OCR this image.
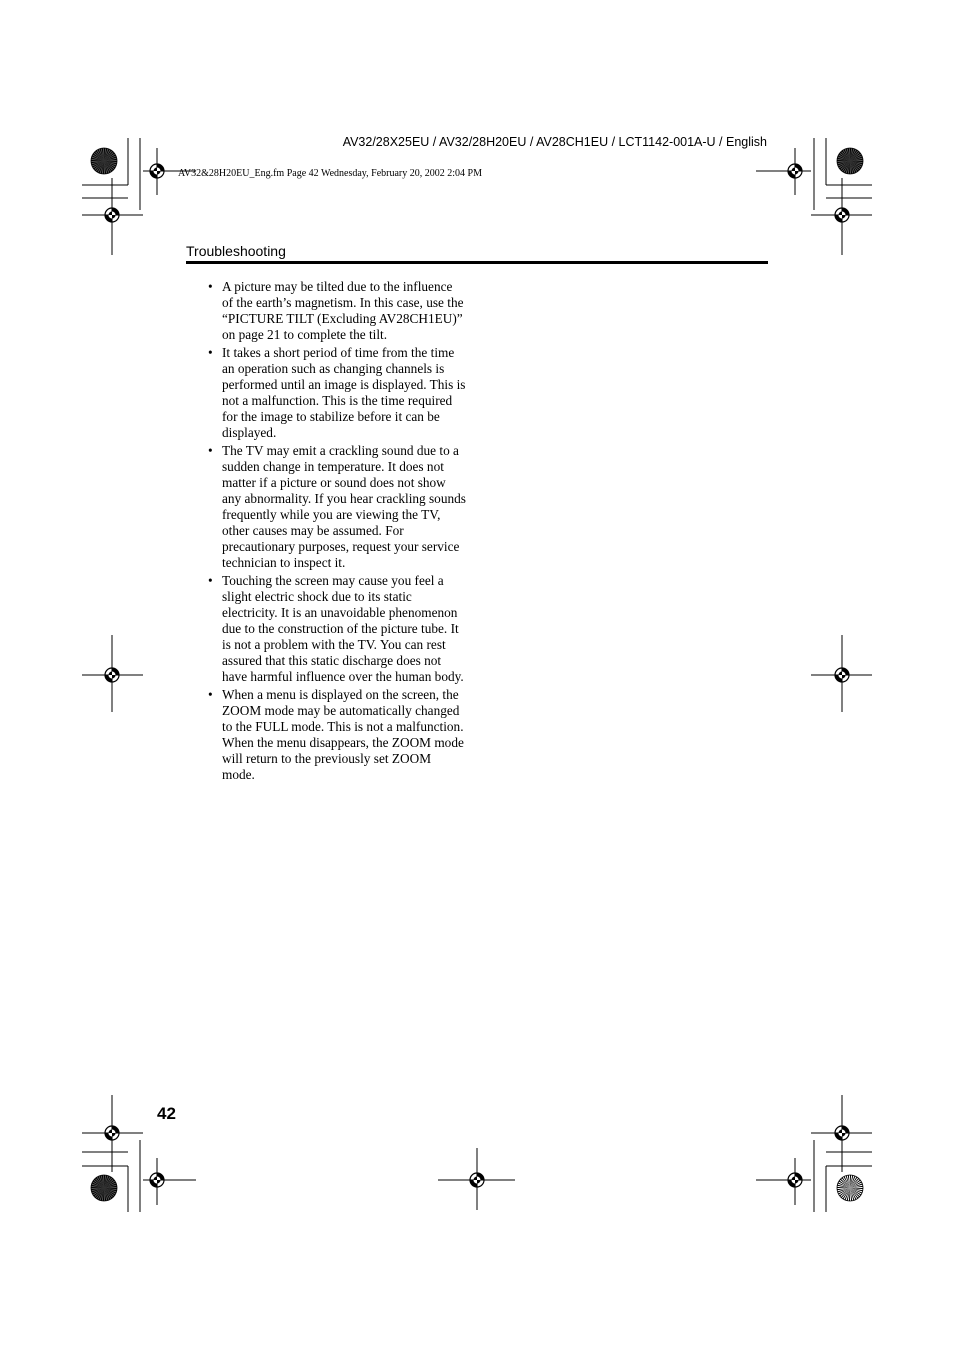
AV32/28X25EU / AV32/28H20EU / AV28CH1EU / LCT1142-001A-U / English
AV32&28H20EU_Eng.fm Page 42 Wednesday, February 20, 2002 2:04 PM
Troubleshooting
• A picture may be tilted due to the influence of the earth’s magnetism. In this case, use the “PICTURE TILT (Excluding AV28CH1EU)” on page 21 to complete the tilt.
• It takes a short period of time from the time an operation such as changing channels is performed until an image is displayed. This is not a malfunction. This is the time required for the image to stabilize before it can be displayed.
• The TV may emit a crackling sound due to a sudden change in temperature. It does not matter if a picture or sound does not show any abnormality. If you hear crackling sounds frequently while you are viewing the TV, other causes may be assumed. For precautionary purposes, request your service technician to inspect it.
• Touching the screen may cause you feel a slight electric shock due to its static electricity. It is an unavoidable phenomenon due to the construction of the picture tube. It is not a problem with the TV. You can rest assured that this static discharge does not have harmful influence over the human body.
• When a menu is displayed on the screen, the ZOOM mode may be automatically changed to the FULL mode. This is not a malfunction. When the menu disappears, the ZOOM mode will return to the previously set ZOOM mode.
42
